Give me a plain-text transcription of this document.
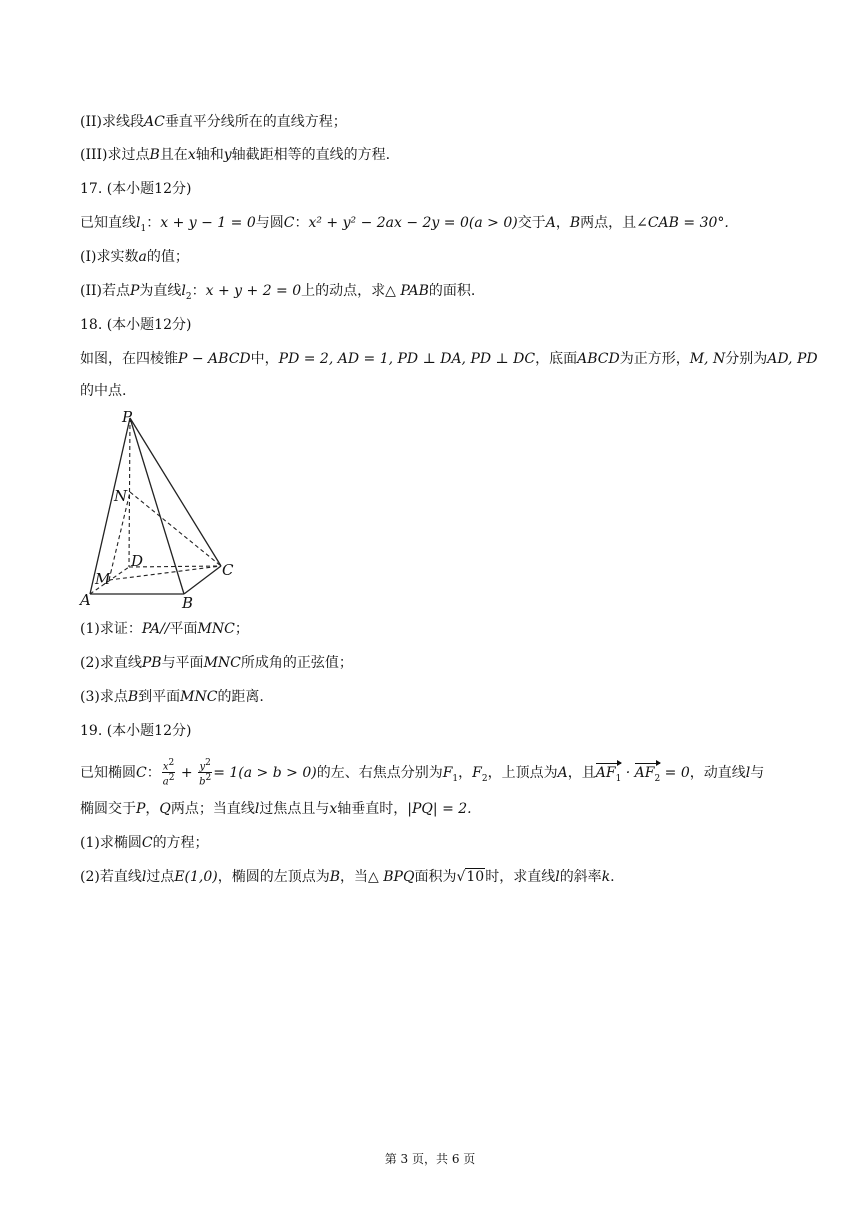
(II)求线段AC垂直平分线所在的直线方程；
(III)求过点B且在x轴和y轴截距相等的直线的方程.
17. (本小题12分)
已知直线$l_1$：x + y − 1 = 0与圆C：x² + y² − 2ax − 2y = 0(a > 0)交于A，B两点，且∠CAB = 30°.
(I)求实数a的值；
(II)若点P为直线$l_2$：x + y + 2 = 0上的动点，求△ PAB的面积.
18. (本小题12分)
如图，在四棱锥P − ABCD中，PD = 2, AD = 1, PD ⊥ DA, PD ⊥ DC，底面ABCD为正方形，M, N分别为AD, PD
的中点.
P
N
D	C
M
A	B
(1)求证：PA//平面MNC；
(2)求直线PB与平面MNC所成角的正弦值；
(3)求点B到平面MNC的距离.
19. (本小题12分)
已知椭圆C： $\frac{x^2}{a^2} + \frac{y^2}{b^2} = 1(a > b > 0)$的左、右焦点分别为$F_1$，$F_2$，上顶点为A，且$AF_1 \cdot AF_2 = 0$，动直线l与
椭圆交于P，Q两点；当直线l过焦点且与x轴垂直时，|PQ| = 2.
(1)求椭圆C的方程；
(2)若直线l过点E(1,0)，椭圆的左顶点为B，当△ BPQ面积为√10时，求直线l的斜率k.
第 3 页，共 6 页
